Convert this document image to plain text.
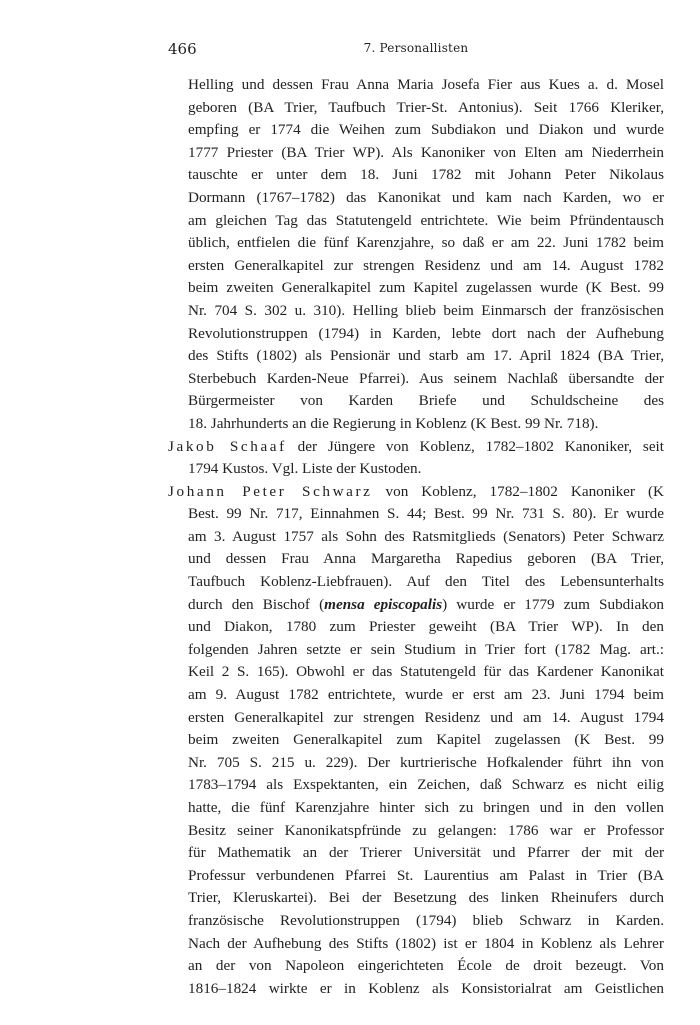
466	7. Personallisten
Helling und dessen Frau Anna Maria Josefa Fier aus Kues a. d. Mosel
geboren (BA Trier, Taufbuch Trier-St. Antonius). Seit 1766 Kleriker,
empfing er 1774 die Weihen zum Subdiakon und Diakon und wurde
1777 Priester (BA Trier WP). Als Kanoniker von Elten am Niederrhein
tauschte er unter dem 18. Juni 1782 mit Johann Peter Nikolaus
Dormann (1767–1782) das Kanonikat und kam nach Karden, wo er
am gleichen Tag das Statutengeld entrichtete. Wie beim Pfründentausch
üblich, entfielen die fünf Karenzjahre, so daß er am 22. Juni 1782 beim
ersten Generalkapitel zur strengen Residenz und am 14. August 1782
beim zweiten Generalkapitel zum Kapitel zugelassen wurde (K Best. 99
Nr. 704 S. 302 u. 310). Helling blieb beim Einmarsch der französischen
Revolutionstruppen (1794) in Karden, lebte dort nach der Aufhebung
des Stifts (1802) als Pensionär und starb am 17. April 1824 (BA Trier,
Sterbebuch Karden-Neue Pfarrei). Aus seinem Nachlaß übersandte der
Bürgermeister von Karden Briefe und Schuldscheine des
18. Jahrhunderts an die Regierung in Koblenz (K Best. 99 Nr. 718).
Jakob Schaaf der Jüngere von Koblenz, 1782–1802 Kanoniker, seit
1794 Kustos. Vgl. Liste der Kustoden.
Johann Peter Schwarz von Koblenz, 1782–1802 Kanoniker (K
Best. 99 Nr. 717, Einnahmen S. 44; Best. 99 Nr. 731 S. 80). Er wurde
am 3. August 1757 als Sohn des Ratsmitglieds (Senators) Peter Schwarz
und dessen Frau Anna Margaretha Rapedius geboren (BA Trier,
Taufbuch Koblenz-Liebfrauen). Auf den Titel des Lebensunterhalts
durch den Bischof (mensa episcopalis) wurde er 1779 zum Subdiakon
und Diakon, 1780 zum Priester geweiht (BA Trier WP). In den
folgenden Jahren setzte er sein Studium in Trier fort (1782 Mag. art.:
Keil 2 S. 165). Obwohl er das Statutengeld für das Kardener Kanonikat
am 9. August 1782 entrichtete, wurde er erst am 23. Juni 1794 beim
ersten Generalkapitel zur strengen Residenz und am 14. August 1794
beim zweiten Generalkapitel zum Kapitel zugelassen (K Best. 99
Nr. 705 S. 215 u. 229). Der kurtrierische Hofkalender führt ihn von
1783–1794 als Exspektanten, ein Zeichen, daß Schwarz es nicht eilig
hatte, die fünf Karenzjahre hinter sich zu bringen und in den vollen
Besitz seiner Kanonikatspfründe zu gelangen: 1786 war er Professor
für Mathematik an der Trierer Universität und Pfarrer der mit der
Professur verbundenen Pfarrei St. Laurentius am Palast in Trier (BA
Trier, Kleruskartei). Bei der Besetzung des linken Rheinufers durch
französische Revolutionstruppen (1794) blieb Schwarz in Karden.
Nach der Aufhebung des Stifts (1802) ist er 1804 in Koblenz als Lehrer
an der von Napoleon eingerichteten École de droit bezeugt. Von
1816–1824 wirkte er in Koblenz als Konsistorialrat am Geistlichen
